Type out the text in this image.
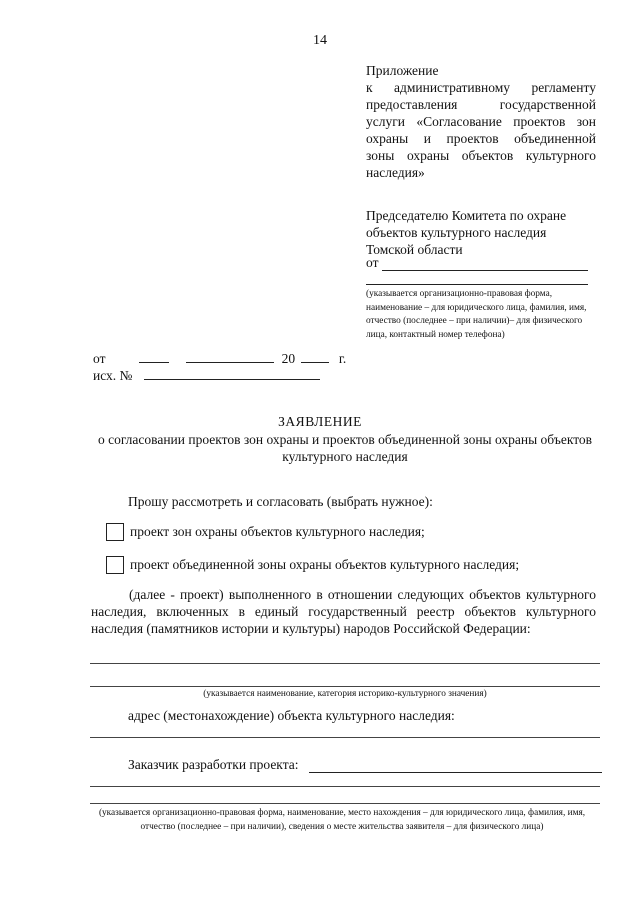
14
Приложение
к административному регламенту
предоставления государственной
услуги «Согласование проектов зон
охраны и проектов объединенной
зоны охраны объектов культурного
наследия»
Председателю Комитета по охране
объектов культурного наследия
Томской области
от
(указывается организационно-правовая форма, наименование – для юридического лица, фамилия, имя, отчество (последнее – при наличии)– для физического лица, контактный номер телефона)
от	20	г.
исх. №
ЗАЯВЛЕНИЕ
о согласовании проектов зон охраны и проектов объединенной зоны охраны объектов культурного наследия
Прошу рассмотреть и согласовать (выбрать нужное):
проект зон охраны объектов культурного наследия;
проект объединенной зоны охраны объектов культурного наследия;
(далее - проект) выполненного в отношении следующих объектов культурного наследия, включенных в единый государственный реестр объектов культурного наследия (памятников истории и культуры) народов Российской Федерации:
(указывается наименование, категория историко-культурного значения)
адрес (местонахождение) объекта культурного наследия:
Заказчик разработки проекта:
(указывается организационно-правовая форма, наименование, место нахождения – для юридического лица, фамилия, имя, отчество (последнее – при наличии), сведения о месте жительства заявителя – для физического лица)
